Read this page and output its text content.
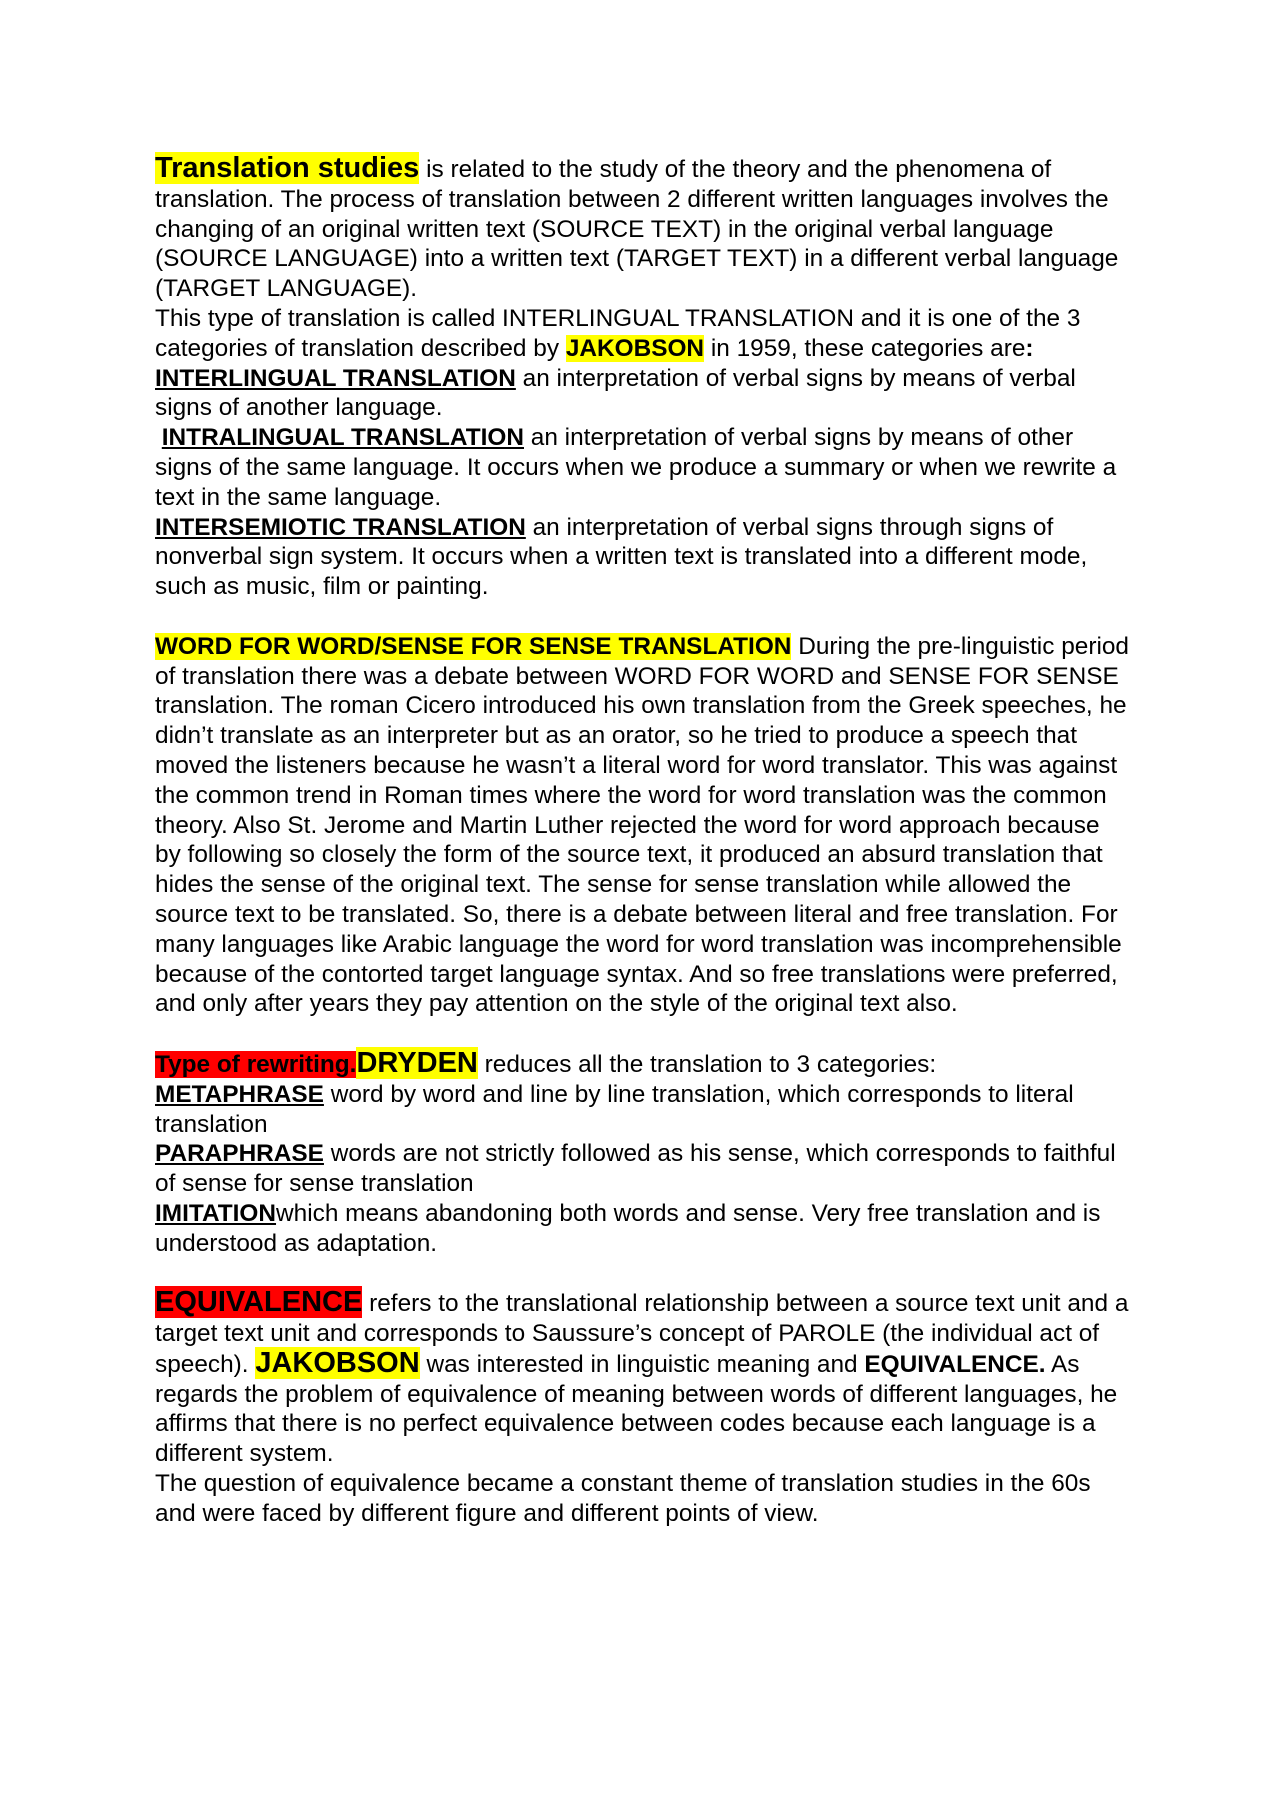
Translation studies is related to the study of the theory and the phenomena of translation. The process of translation between 2 different written languages involves the changing of an original written text (SOURCE TEXT) in the original verbal language (SOURCE LANGUAGE) into a written text (TARGET TEXT) in a different verbal language (TARGET LANGUAGE).

This type of translation is called INTERLINGUAL TRANSLATION and it is one of the 3 categories of translation described by JAKOBSON in 1959, these categories are:

INTERLINGUAL TRANSLATION an interpretation of verbal signs by means of verbal signs of another language.

INTRALINGUAL TRANSLATION an interpretation of verbal signs by means of other signs of the same language. It occurs when we produce a summary or when we rewrite a text in the same language.

INTERSEMIOTIC TRANSLATION an interpretation of verbal signs through signs of nonverbal sign system. It occurs when a written text is translated into a different mode, such as music, film or painting.

WORD FOR WORD/SENSE FOR SENSE TRANSLATION During the pre-linguistic period of translation there was a debate between WORD FOR WORD and SENSE FOR SENSE translation. The roman Cicero introduced his own translation from the Greek speeches, he didn’t translate as an interpreter but as an orator, so he tried to produce a speech that moved the listeners because he wasn’t a literal word for word translator. This was against the common trend in Roman times where the word for word translation was the common theory. Also St. Jerome and Martin Luther rejected the word for word approach because by following so closely the form of the source text, it produced an absurd translation that hides the sense of the original text. The sense for sense translation while allowed the source text to be translated. So, there is a debate between literal and free translation. For many languages like Arabic language the word for word translation was incomprehensible because of the contorted target language syntax. And so free translations were preferred, and only after years they pay attention on the style of the original text also.

Type of rewriting.DRYDEN reduces all the translation to 3 categories:

METAPHRASE word by word and line by line translation, which corresponds to literal translation

PARAPHRASE words are not strictly followed as his sense, which corresponds to faithful of sense for sense translation

IMITATIONwhich means abandoning both words and sense. Very free translation and is understood as adaptation.

EQUIVALENCE refers to the translational relationship between a source text unit and a target text unit and corresponds to Saussure’s concept of PAROLE (the individual act of speech). JAKOBSON was interested in linguistic meaning and EQUIVALENCE. As regards the problem of equivalence of meaning between words of different languages, he affirms that there is no perfect equivalence between codes because each language is a different system.

The question of equivalence became a constant theme of translation studies in the 60s and were faced by different figure and different points of view.
